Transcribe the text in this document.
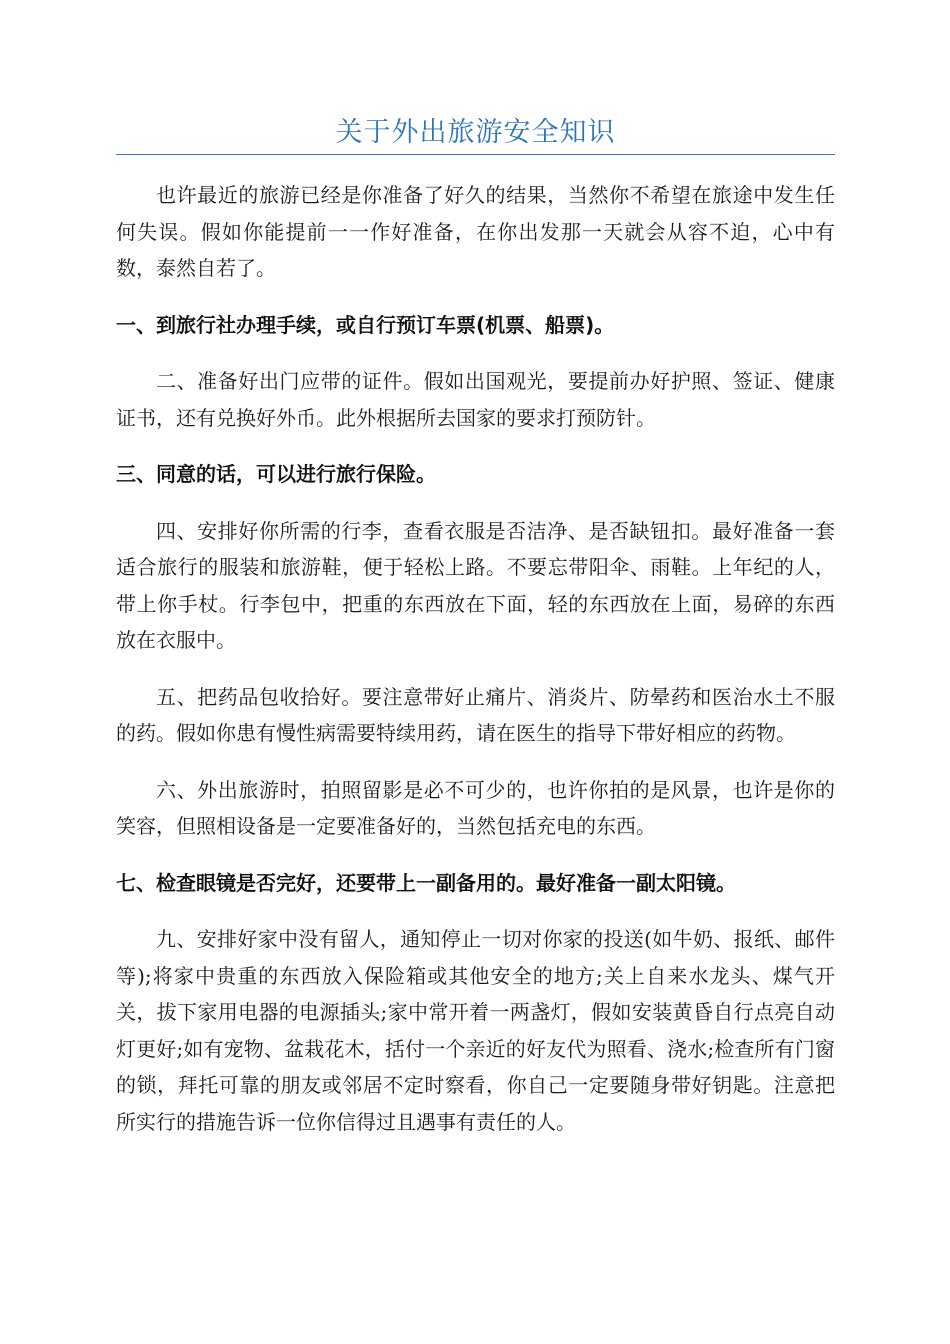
关于外出旅游安全知识

也许最近的旅游已经是你准备了好久的结果，当然你不希望在旅途中发生任何失误。假如你能提前一一作好准备，在你出发那一天就会从容不迫，心中有数，泰然自若了。

一、到旅行社办理手续，或自行预订车票(机票、船票)。

二、准备好出门应带的证件。假如出国观光，要提前办好护照、签证、健康证书，还有兑换好外币。此外根据所去国家的要求打预防针。

三、同意的话，可以进行旅行保险。

四、安排好你所需的行李，查看衣服是否洁净、是否缺钮扣。最好准备一套适合旅行的服装和旅游鞋，便于轻松上路。不要忘带阳伞、雨鞋。上年纪的人，带上你手杖。行李包中，把重的东西放在下面，轻的东西放在上面，易碎的东西放在衣服中。

五、把药品包收拾好。要注意带好止痛片、消炎片、防晕药和医治水土不服的药。假如你患有慢性病需要特续用药，请在医生的指导下带好相应的药物。

六、外出旅游时，拍照留影是必不可少的，也许你拍的是风景，也许是你的笑容，但照相设备是一定要准备好的，当然包括充电的东西。

七、检查眼镜是否完好，还要带上一副备用的。最好准备一副太阳镜。

九、安排好家中没有留人，通知停止一切对你家的投送(如牛奶、报纸、邮件等);将家中贵重的东西放入保险箱或其他安全的地方;关上自来水龙头、煤气开关，拔下家用电器的电源插头;家中常开着一两盏灯，假如安装黄昏自行点亮自动灯更好;如有宠物、盆栽花木，括付一个亲近的好友代为照看、浇水;检查所有门窗的锁，拜托可靠的朋友或邻居不定时察看，你自己一定要随身带好钥匙。注意把所实行的措施告诉一位你信得过且遇事有责任的人。
